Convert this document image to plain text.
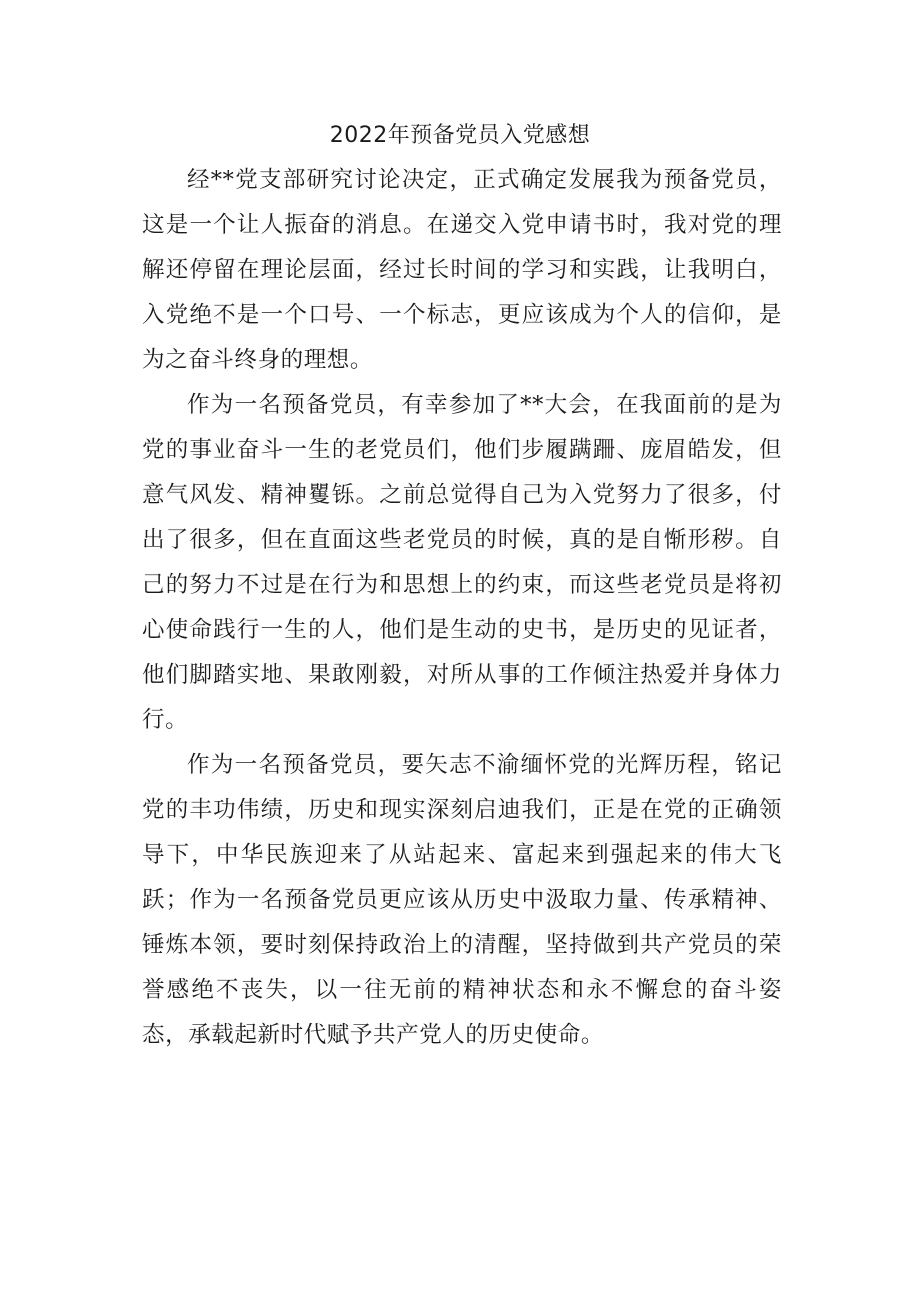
2022年预备党员入党感想

经**党支部研究讨论决定，正式确定发展我为预备党员，这是一个让人振奋的消息。在递交入党申请书时，我对党的理解还停留在理论层面，经过长时间的学习和实践，让我明白，入党绝不是一个口号、一个标志，更应该成为个人的信仰，是为之奋斗终身的理想。

作为一名预备党员，有幸参加了**大会，在我面前的是为党的事业奋斗一生的老党员们，他们步履蹒跚、庞眉皓发，但意气风发、精神矍铄。之前总觉得自己为入党努力了很多，付出了很多，但在直面这些老党员的时候，真的是自惭形秽。自己的努力不过是在行为和思想上的约束，而这些老党员是将初心使命践行一生的人，他们是生动的史书，是历史的见证者，他们脚踏实地、果敢刚毅，对所从事的工作倾注热爱并身体力行。

作为一名预备党员，要矢志不渝缅怀党的光辉历程，铭记党的丰功伟绩，历史和现实深刻启迪我们，正是在党的正确领导下，中华民族迎来了从站起来、富起来到强起来的伟大飞跃；作为一名预备党员更应该从历史中汲取力量、传承精神、锤炼本领，要时刻保持政治上的清醒，坚持做到共产党员的荣誉感绝不丧失，以一往无前的精神状态和永不懈怠的奋斗姿态，承载起新时代赋予共产党人的历史使命。
